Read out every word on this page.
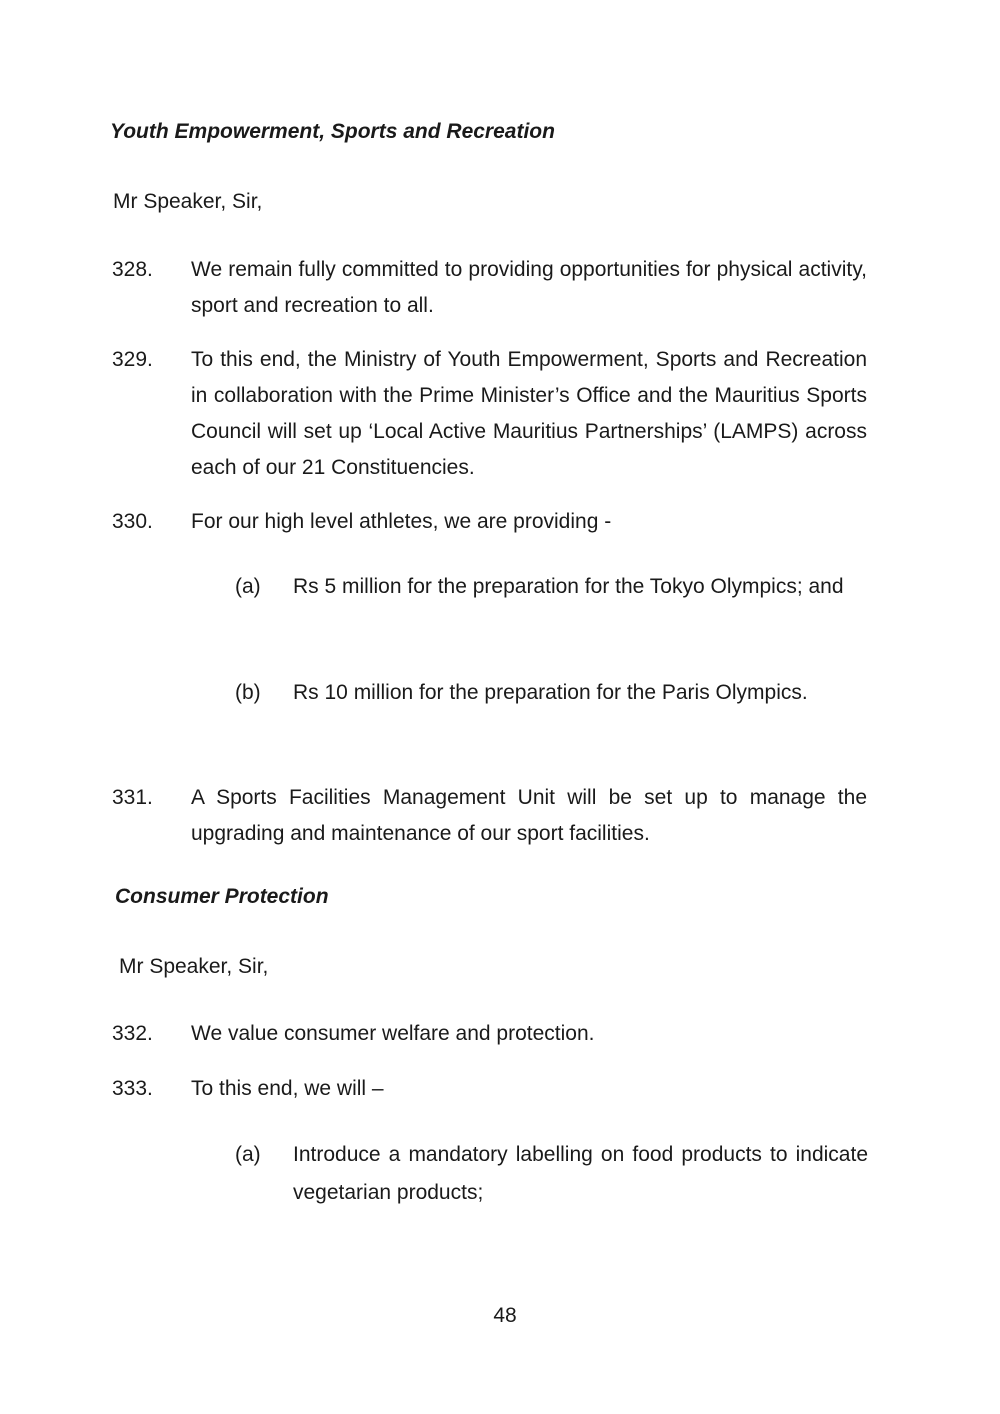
Youth Empowerment, Sports and Recreation
Mr Speaker, Sir,
328. We remain fully committed to providing opportunities for physical activity, sport and recreation to all.
329. To this end, the Ministry of Youth Empowerment, Sports and Recreation in collaboration with the Prime Minister’s Office and the Mauritius Sports Council will set up ‘Local Active Mauritius Partnerships’ (LAMPS) across each of our 21 Constituencies.
330. For our high level athletes, we are providing -
(a) Rs 5 million for the preparation for the Tokyo Olympics; and
(b) Rs 10 million for the preparation for the Paris Olympics.
331. A Sports Facilities Management Unit will be set up to manage the upgrading and maintenance of our sport facilities.
Consumer Protection
Mr Speaker, Sir,
332. We value consumer welfare and protection.
333. To this end, we will –
(a) Introduce a mandatory labelling on food products to indicate vegetarian products;
48
